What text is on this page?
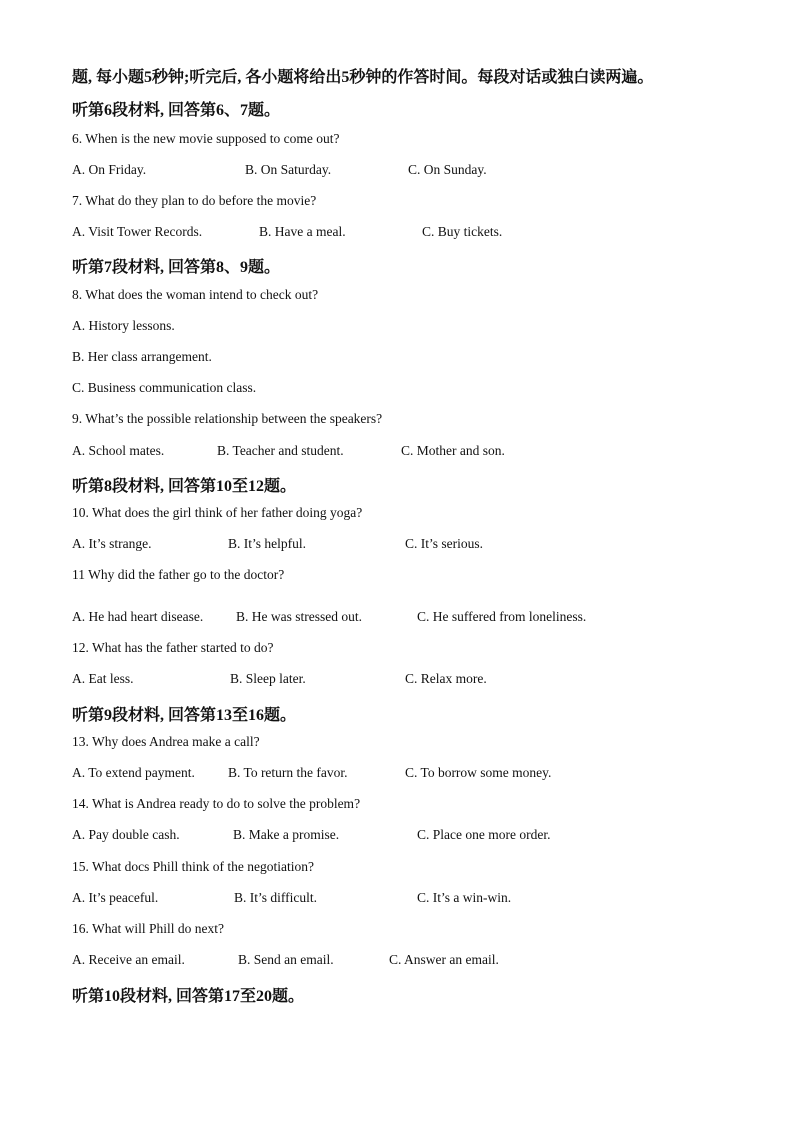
题, 每小题5秒钟;听完后, 各小题将给出5秒钟的作答时间。每段对话或独白读两遍。
听第6段材料, 回答第6、7题。
6. When is the new movie supposed to come out?
A. On Friday.	B. On Saturday.	C. On Sunday.
7. What do they plan to do before the movie?
A. Visit Tower Records.	B. Have a meal.	C. Buy tickets.
听第7段材料, 回答第8、9题。
8. What does the woman intend to check out?
A. History lessons.
B. Her class arrangement.
C. Business communication class.
9. What’s the possible relationship between the speakers?
A. School mates.	B. Teacher and student.	C. Mother and son.
听第8段材料, 回答第10至12题。
10. What does the girl think of her father doing yoga?
A. It’s strange.	B. It’s helpful.	C. It’s serious.
11 Why did the father go to the doctor?
A. He had heart disease. B. He was stressed out.	C. He suffered from loneliness.
12. What has the father started to do?
A. Eat less.	B. Sleep later.	C. Relax more.
听第9段材料, 回答第13至16题。
13. Why does Andrea make a call?
A. To extend payment. B. To return the favor.	C. To borrow some money.
14. What is Andrea ready to do to solve the problem?
A. Pay double cash.	B. Make a promise.	C. Place one more order.
15. What docs Phill think of the negotiation?
A. It’s peaceful.	B. It’s difficult.	C. It’s a win-win.
16. What will Phill do next?
A. Receive an email.	B. Send an email.	C. Answer an email.
听第10段材料, 回答第17至20题。
